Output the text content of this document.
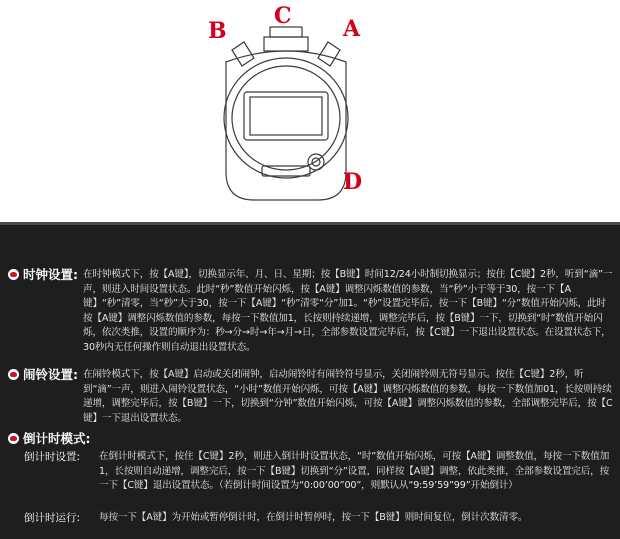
B
C A
D
时钟设置: 在时钟模式下，按【A键】，切换显示年、月、日、星期；按【B键】时间12/24小时制切换显示；按住【C键】2秒，听到“滴”一声，则进入时间设置状态。此时“秒”数值开始闪烁，按【A键】调整闪烁数值的参数，当“秒”小于等于30，按一下【A键】“秒”清零，当“秒”大于30，按一下【A键】“秒”清零“分”加1。“秒”设置完毕后，按一下【B键】“分”数值开始闪烁，此时按【A键】调整闪烁数值的参数，每按一下数值加1，长按则持续递增，调整完毕后，按【B键】一下，切换到“时”数值开始闪烁，依次类推，设置的顺序为：秒→分→时→年→月→日，全部参数设置完毕后，按【C键】一下退出设置状态。在设置状态下，30秒内无任何操作则自动退出设置状态。
闹铃设置: 在闹铃模式下，按【A键】启动或关闭闹钟，启动闹铃时有闹铃符号显示，关闭闹铃则无符号显示。按住【C键】2秒，听到“滴”一声，则进入闹铃设置状态，“小时”数值开始闪烁，可按【A键】调整闪烁数值的参数，每按一下数值加01，长按则持续递增，调整完毕后，按【B键】一下，切换到“分钟”数值开始闪烁，可按【A键】调整闪烁数值的参数，全部调整完毕后，按【C键】一下退出设置状态。
倒计时模式:
倒计时设置: 在倒计时模式下，按住【C键】2秒，则进入倒计时设置状态，“时”数值开始闪烁，可按【A键】调整数值，每按一下数值加1，长按则自动递增，调整完后，按一下【B键】切换到“分”设置，同样按【A键】调整，依此类推，全部参数设置完后，按一下【C键】退出设置状态。（若倒计时间设置为“0:00’00”00”，则默认从“9:59’59”99”开始倒计）
倒计时运行: 每按一下【A键】为开始或暂停倒计时，在倒计时暂停时，按一下【B键】则时间复位，倒计次数清零。
